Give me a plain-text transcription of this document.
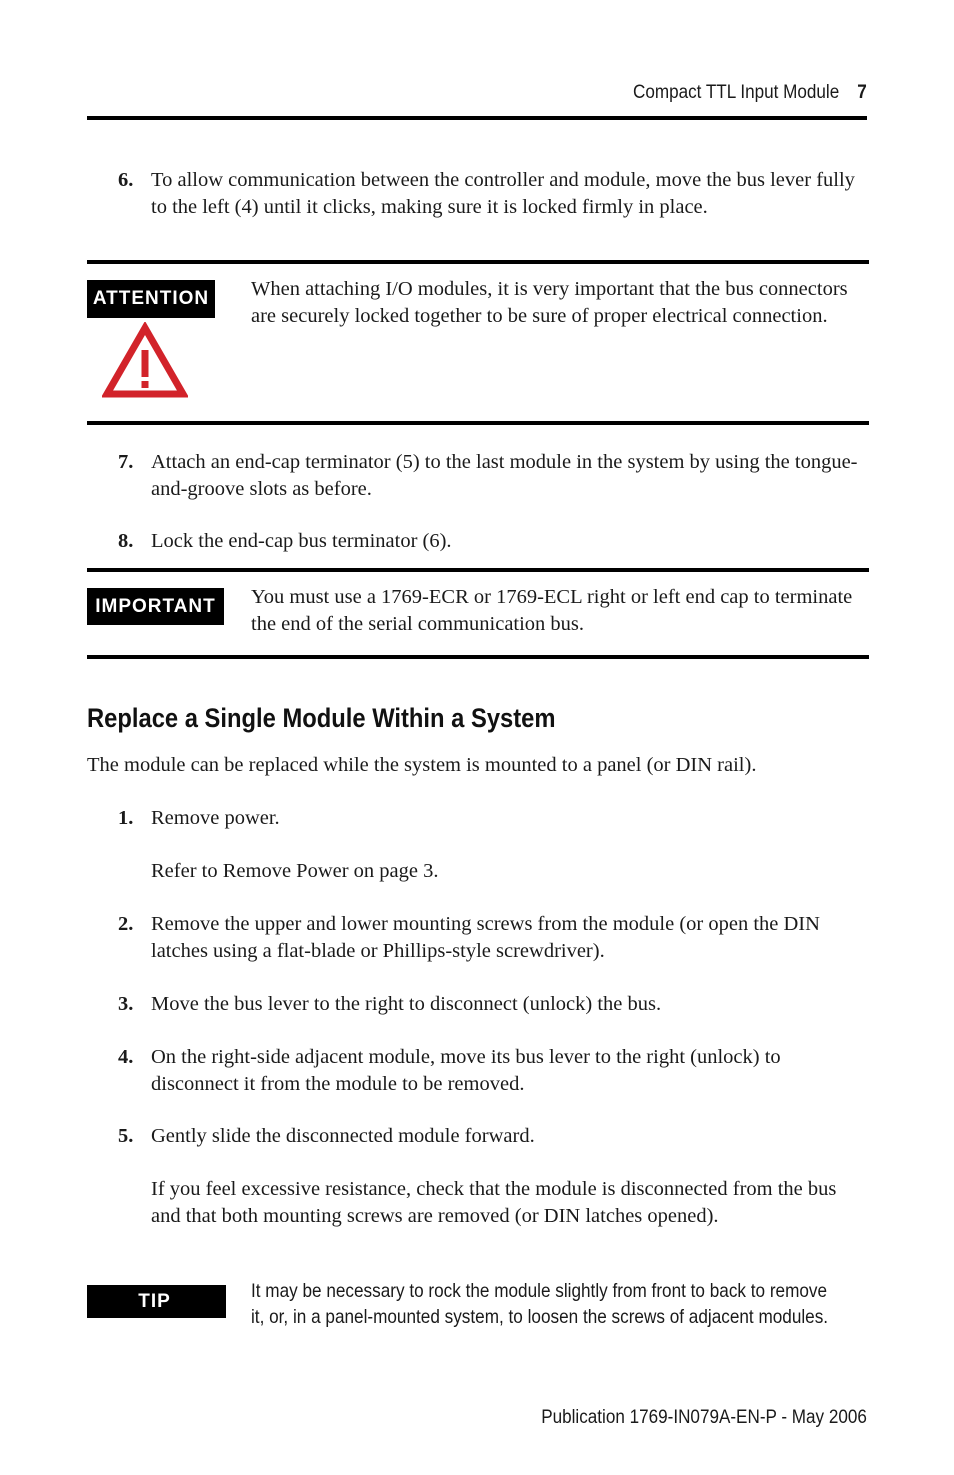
Compact TTL Input Module 7
6. To allow communication between the controller and module, move the bus lever fully to the left (4) until it clicks, making sure it is locked firmly in place.
ATTENTION When attaching I/O modules, it is very important that the bus connectors are securely locked together to be sure of proper electrical connection.
7. Attach an end-cap terminator (5) to the last module in the system by using the tongue-and-groove slots as before.
8. Lock the end-cap bus terminator (6).
IMPORTANT	You must use a 1769-ECR or 1769-ECL right or left end cap to terminate the end of the serial communication bus.
Replace a Single Module Within a System
The module can be replaced while the system is mounted to a panel (or DIN rail).
1. Remove power.
Refer to Remove Power on page 3.
2. Remove the upper and lower mounting screws from the module (or open the DIN latches using a flat-blade or Phillips-style screwdriver).
3. Move the bus lever to the right to disconnect (unlock) the bus.
4. On the right-side adjacent module, move its bus lever to the right (unlock) to disconnect it from the module to be removed.
5. Gently slide the disconnected module forward.
If you feel excessive resistance, check that the module is disconnected from the bus and that both mounting screws are removed (or DIN latches opened).
TIP	It may be necessary to rock the module slightly from front to back to remove it, or, in a panel-mounted system, to loosen the screws of adjacent modules.
Publication 1769-IN079A-EN-P - May 2006
